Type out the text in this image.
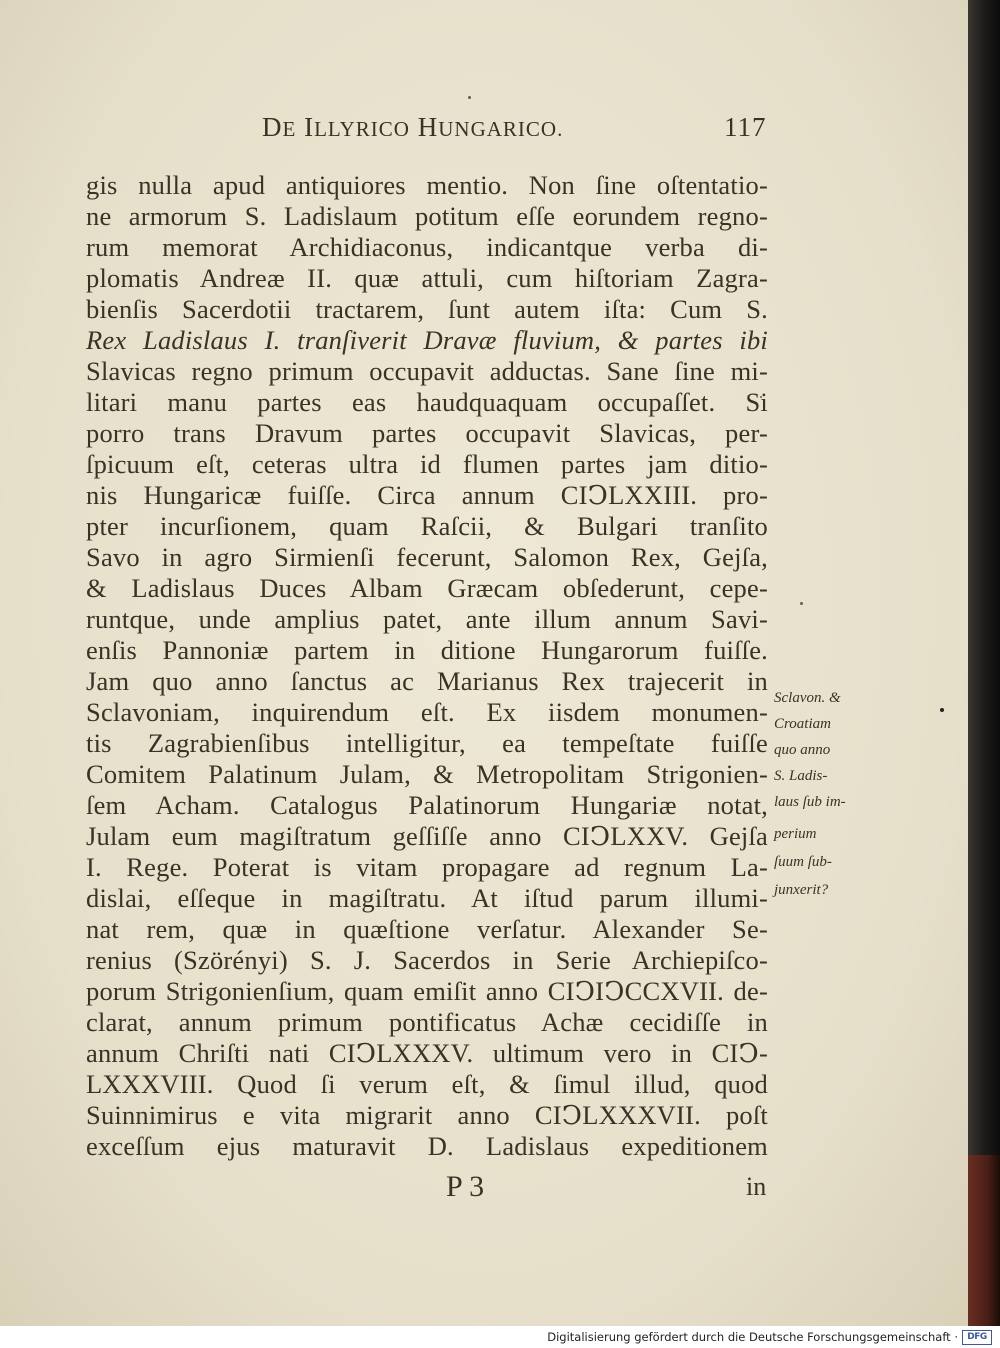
DE ILLYRICO HUNGARICO.	117
gis nulla apud antiquiores mentio. Non ſine oſtentatio-
ne armorum S. Ladislaum potitum eſſe eorundem regno-
rum memorat Archidiaconus, indicantque verba di-
plomatis Andreæ II. quæ attuli, cum hiſtoriam Zagra-
bienſis Sacerdotii tractarem, ſunt autem iſta: Cum S.
Rex Ladislaus I. tranſiverit Dravæ fluvium, & partes ibi
Slavicas regno primum occupavit adductas. Sane ſine mi-
litari manu partes eas haudquaquam occupaſſet. Si
porro trans Dravum partes occupavit Slavicas, per-
ſpicuum eſt, ceteras ultra id flumen partes jam ditio-
nis Hungaricæ fuiſſe. Circa annum CIↃLXXIII. pro-
pter incurſionem, quam Raſcii, & Bulgari tranſito
Savo in agro Sirmienſi fecerunt, Salomon Rex, Gejſa,
& Ladislaus Duces Albam Græcam obſederunt, cepe-
runtque, unde amplius patet, ante illum annum Savi-
enſis Pannoniæ partem in ditione Hungarorum fuiſſe.
Jam quo anno ſanctus ac Marianus Rex trajecerit in
Sclavoniam, inquirendum eſt. Ex iisdem monumen-
tis Zagrabienſibus intelligitur, ea tempeſtate fuiſſe
Comitem Palatinum Julam, & Metropolitam Strigonien-
ſem Acham. Catalogus Palatinorum Hungariæ notat,
Julam eum magiſtratum geſſiſſe anno CIↃLXXV. Gejſa
I. Rege. Poterat is vitam propagare ad regnum La-
dislai, eſſeque in magiſtratu. At iſtud parum illumi-
nat rem, quæ in quæſtione verſatur. Alexander Se-
renius (Szörényi) S. J. Sacerdos in Serie Archiepiſco-
porum Strigonienſium, quam emiſit anno CIↃIↃCCXVII. de-
clarat, annum primum pontificatus Achæ cecidiſſe in
annum Chriſti nati CIↃLXXXV. ultimum vero in CIↃ-
LXXXVIII. Quod ſi verum eſt, & ſimul illud, quod
Suinnimirus e vita migrarit anno CIↃLXXXVII. poſt
exceſſum ejus maturavit D. Ladislaus expeditionem
Sclavon. &
Croatiam
quo anno
S. Ladis-
laus ſub im-
perium
ſuum ſub-
junxerit?
P 3	in
Digitalisierung gefördert durch die Deutsche Forschungsgemeinschaft ·	DFG
